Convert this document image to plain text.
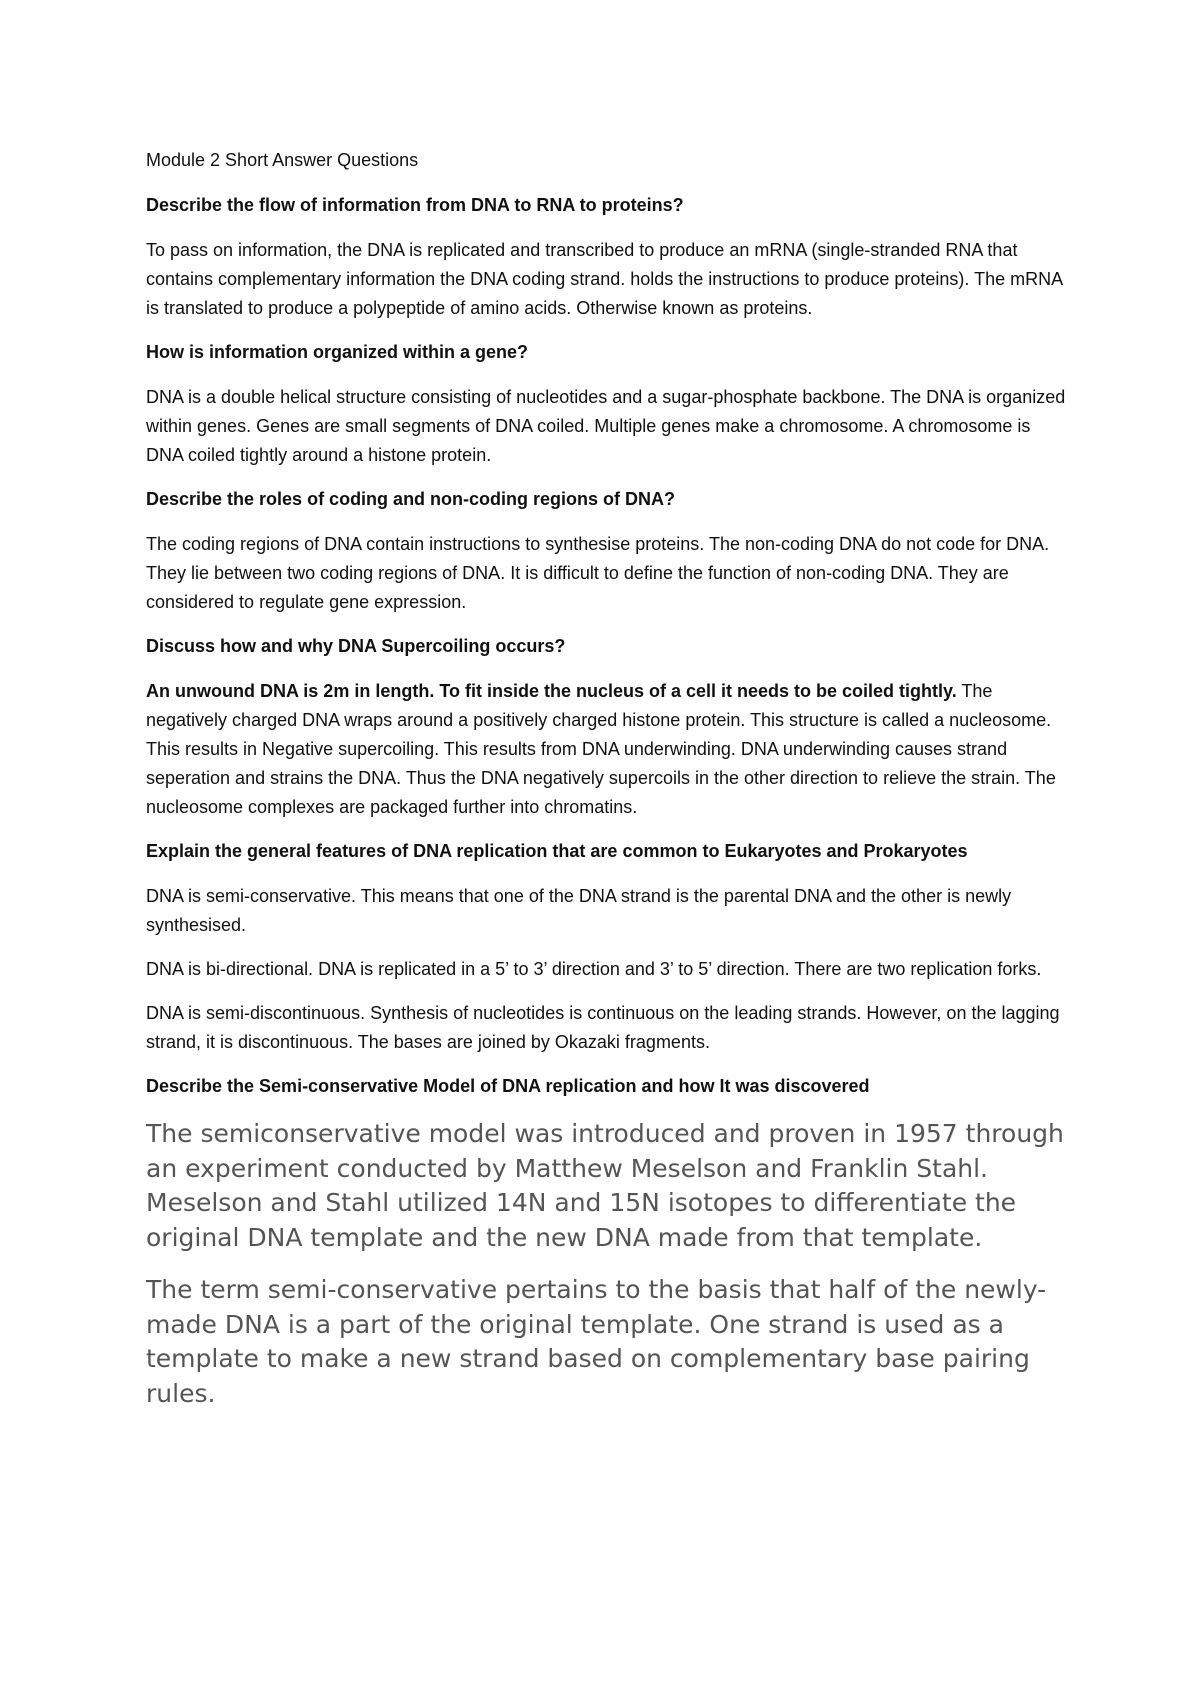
Module 2 Short Answer Questions

Describe the flow of information from DNA to RNA to proteins?

To pass on information, the DNA is replicated and transcribed to produce an mRNA (single-stranded RNA that contains complementary information the DNA coding strand. holds the instructions to produce proteins). The mRNA is translated to produce a polypeptide of amino acids. Otherwise known as proteins.

How is information organized within a gene?

DNA is a double helical structure consisting of nucleotides and a sugar-phosphate backbone. The DNA is organized within genes. Genes are small segments of DNA coiled. Multiple genes make a chromosome. A chromosome is DNA coiled tightly around a histone protein.

Describe the roles of coding and non-coding regions of DNA?

The coding regions of DNA contain instructions to synthesise proteins. The non-coding DNA do not code for DNA. They lie between two coding regions of DNA. It is difficult to define the function of non-coding DNA. They are considered to regulate gene expression.

Discuss how and why DNA Supercoiling occurs?

An unwound DNA is 2m in length. To fit inside the nucleus of a cell it needs to be coiled tightly. The negatively charged DNA wraps around a positively charged histone protein. This structure is called a nucleosome. This results in Negative supercoiling. This results from DNA underwinding. DNA underwinding causes strand seperation and strains the DNA. Thus the DNA negatively supercoils in the other direction to relieve the strain. The nucleosome complexes are packaged further into chromatins.

Explain the general features of DNA replication that are common to Eukaryotes and Prokaryotes

DNA is semi-conservative. This means that one of the DNA strand is the parental DNA and the other is newly synthesised.

DNA is bi-directional. DNA is replicated in a 5’ to 3’ direction and 3’ to 5’ direction. There are two replication forks.

DNA is semi-discontinuous. Synthesis of nucleotides is continuous on the leading strands. However, on the lagging strand, it is discontinuous. The bases are joined by Okazaki fragments.

Describe the Semi-conservative Model of DNA replication and how It was discovered

The semiconservative model was introduced and proven in 1957 through an experiment conducted by Matthew Meselson and Franklin Stahl. Meselson and Stahl utilized 14N and 15N isotopes to differentiate the original DNA template and the new DNA made from that template.

The term semi-conservative pertains to the basis that half of the newly-made DNA is a part of the original template. One strand is used as a template to make a new strand based on complementary base pairing rules.
